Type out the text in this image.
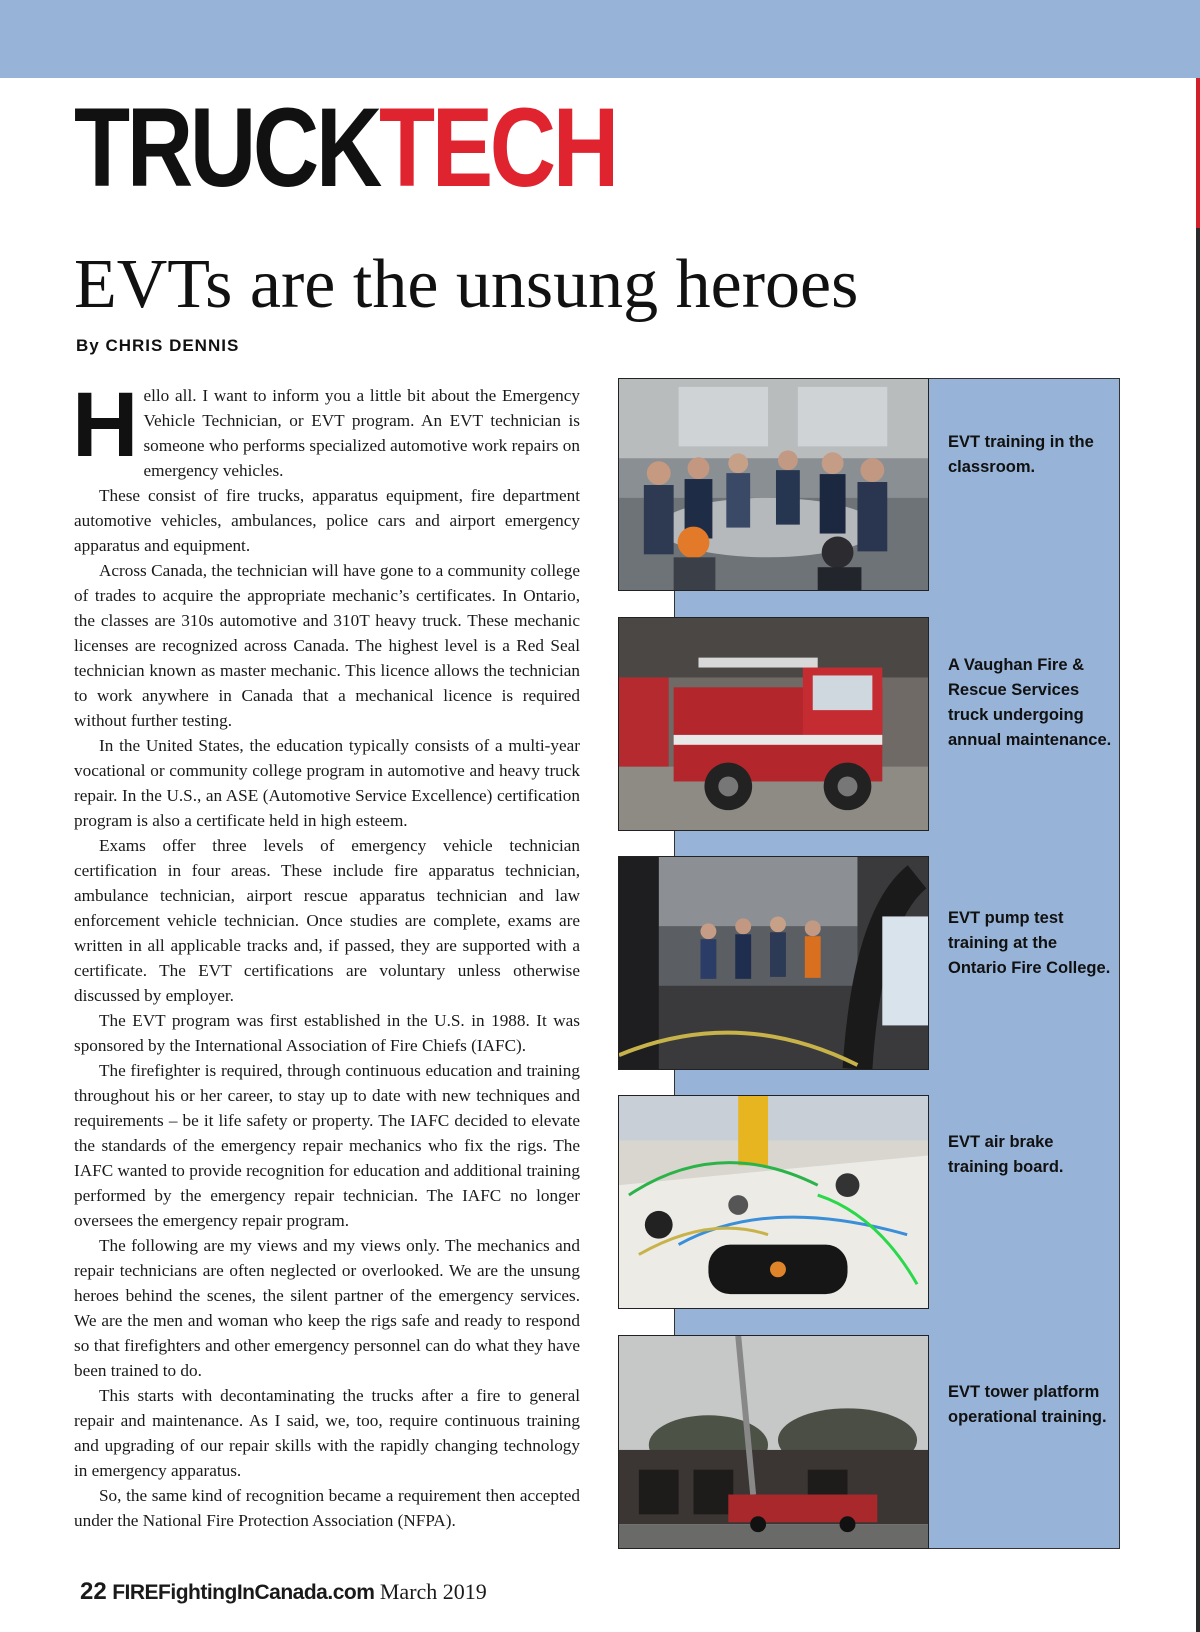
TRUCKTECH
EVTs are the unsung heroes
By CHRIS DENNIS

Hello all. I want to inform you a little bit about the Emergency Vehicle Technician, or EVT program. An EVT technician is someone who performs specialized automotive work repairs on emergency vehicles.

These consist of fire trucks, apparatus equipment, fire department automotive vehicles, ambulances, police cars and airport emergency apparatus and equipment.

Across Canada, the technician will have gone to a community college of trades to acquire the appropriate mechanic’s certificates. In Ontario, the classes are 310s automotive and 310T heavy truck. These mechanic licenses are recognized across Canada. The highest level is a Red Seal technician known as master mechanic. This licence allows the technician to work anywhere in Canada that a mechanical licence is required without further testing.

In the United States, the education typically consists of a multi-year vocational or community college program in automotive and heavy truck repair. In the U.S., an ASE (Automotive Service Excellence) certification program is also a certificate held in high esteem.

Exams offer three levels of emergency vehicle technician certification in four areas. These include fire apparatus technician, ambulance technician, airport rescue apparatus technician and law enforcement vehicle technician. Once studies are complete, exams are written in all applicable tracks and, if passed, they are supported with a certificate. The EVT certifications are voluntary unless otherwise discussed by employer.

The EVT program was first established in the U.S. in 1988. It was sponsored by the International Association of Fire Chiefs (IAFC).

The firefighter is required, through continuous education and training throughout his or her career, to stay up to date with new techniques and requirements – be it life safety or property. The IAFC decided to elevate the standards of the emergency repair mechanics who fix the rigs. The IAFC wanted to provide recognition for education and additional training performed by the emergency repair technician. The IAFC no longer oversees the emergency repair program.

The following are my views and my views only. The mechanics and repair technicians are often neglected or overlooked. We are the unsung heroes behind the scenes, the silent partner of the emergency services. We are the men and woman who keep the rigs safe and ready to respond so that firefighters and other emergency personnel can do what they have been trained to do.

This starts with decontaminating the trucks after a fire to general repair and maintenance. As I said, we, too, require continuous training and upgrading of our repair skills with the rapidly changing technology in emergency apparatus.

So, the same kind of recognition became a requirement then accepted under the National Fire Protection Association (NFPA).

EVT training in the classroom.
A Vaughan Fire & Rescue Services truck undergoing annual maintenance.
EVT pump test training at the Ontario Fire College.
EVT air brake training board.
EVT tower platform operational training.
22 FIREFightingInCanada.com March 2019
